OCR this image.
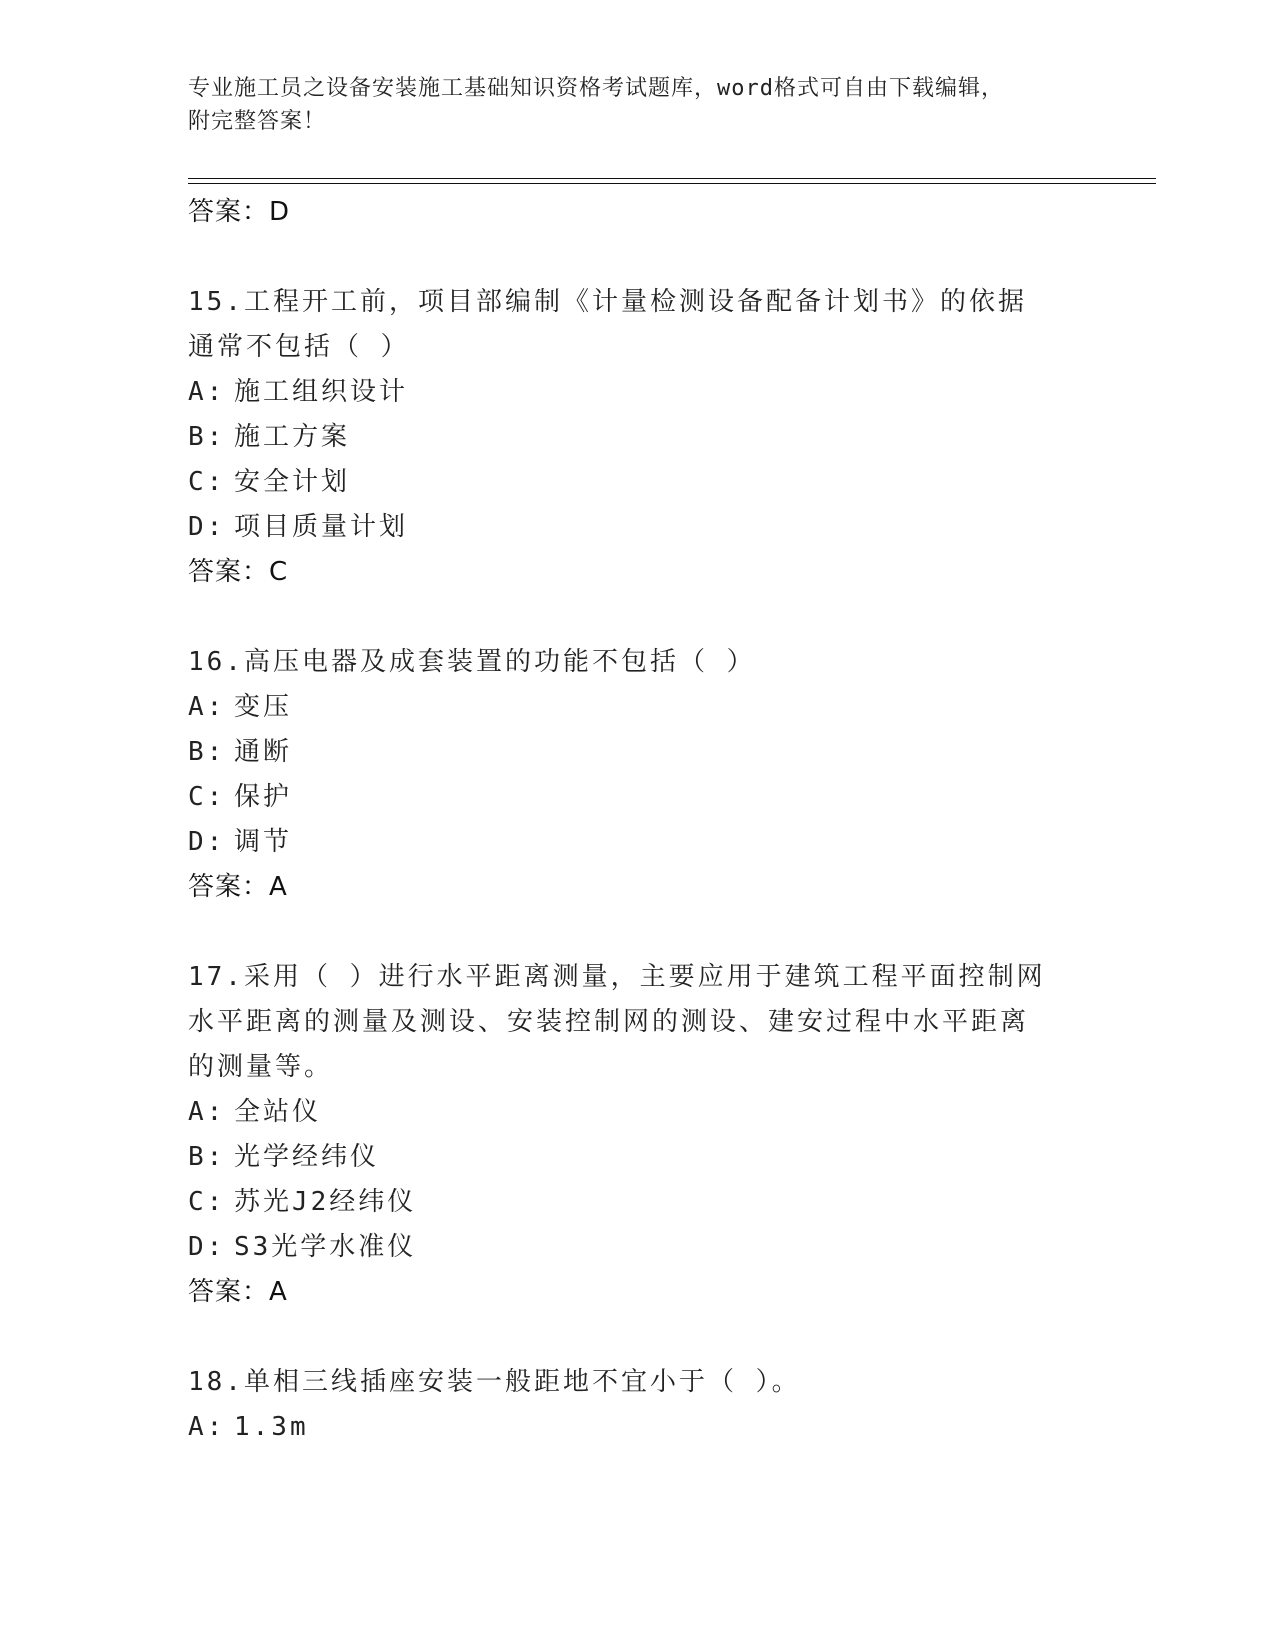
专业施工员之设备安装施工基础知识资格考试题库，word格式可自由下载编辑，
附完整答案！
答案：D
15.工程开工前，项目部编制《计量检测设备配备计划书》的依据通常不包括（ ）
A: 施工组织设计
B: 施工方案
C: 安全计划
D: 项目质量计划
答案：C
16.高压电器及成套装置的功能不包括（ ）
A: 变压
B: 通断
C: 保护
D: 调节
答案：A
17.采用（ ）进行水平距离测量，主要应用于建筑工程平面控制网水平距离的测量及测设、安装控制网的测设、建安过程中水平距离的测量等。
A: 全站仪
B: 光学经纬仪
C: 苏光J2经纬仪
D: S3光学水准仪
答案：A
18.单相三线插座安装一般距地不宜小于（ ）。
A: 1.3m
